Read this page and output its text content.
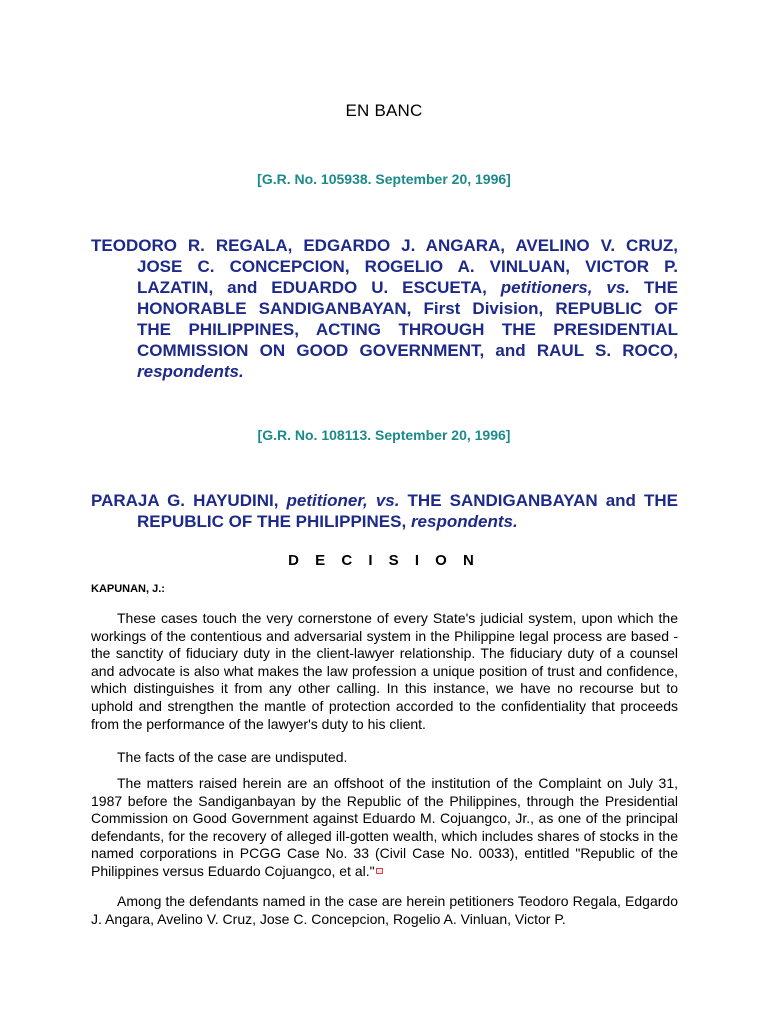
EN BANC
[G.R. No. 105938. September 20, 1996]
TEODORO R. REGALA, EDGARDO J. ANGARA, AVELINO V. CRUZ, JOSE C. CONCEPCION, ROGELIO A. VINLUAN, VICTOR P. LAZATIN, and EDUARDO U. ESCUETA, petitioners, vs. THE HONORABLE SANDIGANBAYAN, First Division, REPUBLIC OF THE PHILIPPINES, ACTING THROUGH THE PRESIDENTIAL COMMISSION ON GOOD GOVERNMENT, and RAUL S. ROCO, respondents.
[G.R. No. 108113. September 20, 1996]
PARAJA G. HAYUDINI, petitioner, vs. THE SANDIGANBAYAN and THE REPUBLIC OF THE PHILIPPINES, respondents.
D E C I S I O N
KAPUNAN, J.:

These cases touch the very cornerstone of every State's judicial system, upon which the workings of the contentious and adversarial system in the Philippine legal process are based - the sanctity of fiduciary duty in the client-lawyer relationship. The fiduciary duty of a counsel and advocate is also what makes the law profession a unique position of trust and confidence, which distinguishes it from any other calling. In this instance, we have no recourse but to uphold and strengthen the mantle of protection accorded to the confidentiality that proceeds from the performance of the lawyer's duty to his client.

The facts of the case are undisputed.

The matters raised herein are an offshoot of the institution of the Complaint on July 31, 1987 before the Sandiganbayan by the Republic of the Philippines, through the Presidential Commission on Good Government against Eduardo M. Cojuangco, Jr., as one of the principal defendants, for the recovery of alleged ill-gotten wealth, which includes shares of stocks in the named corporations in PCGG Case No. 33 (Civil Case No. 0033), entitled "Republic of the Philippines versus Eduardo Cojuangco, et al."

Among the defendants named in the case are herein petitioners Teodoro Regala, Edgardo J. Angara, Avelino V. Cruz, Jose C. Concepcion, Rogelio A. Vinluan, Victor P.
